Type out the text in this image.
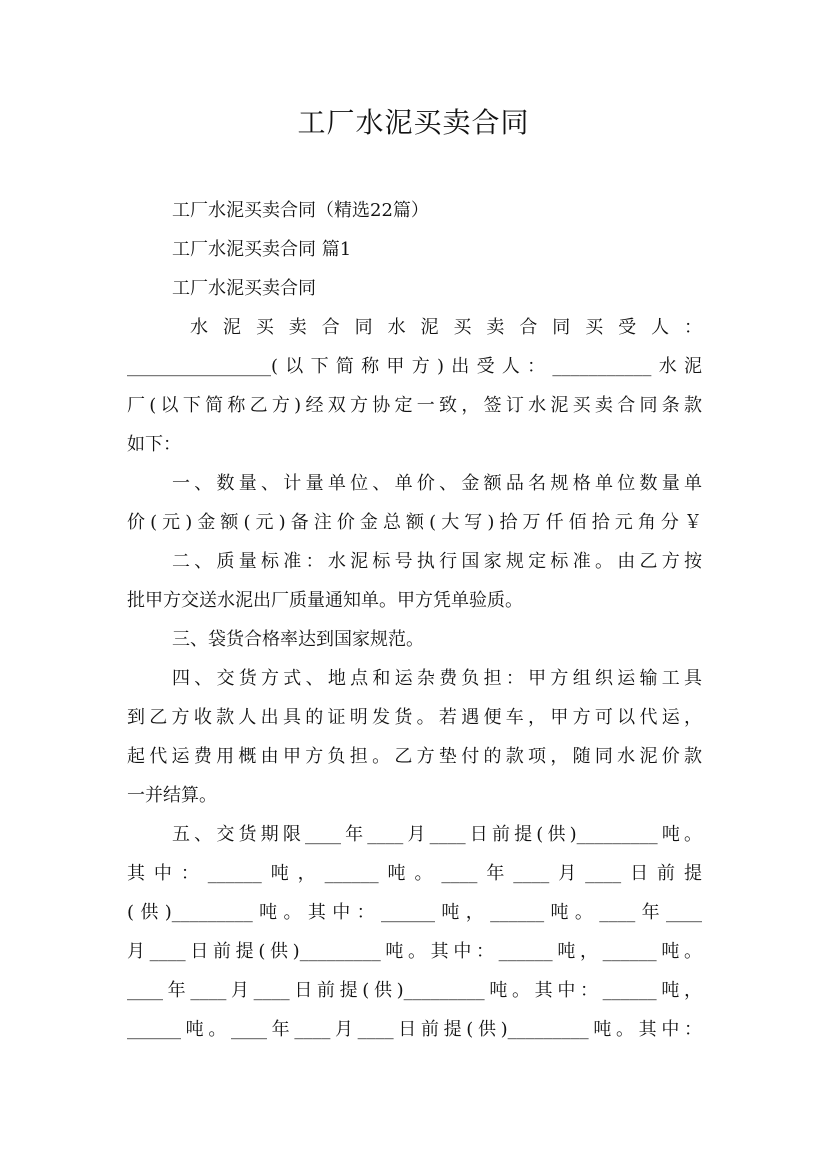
工厂水泥买卖合同
工厂水泥买卖合同（精选22篇）
工厂水泥买卖合同 篇1
工厂水泥买卖合同
水 泥 买 卖 合 同 水 泥 买 卖 合 同 买 受 人 ：
________________(以下简称甲方)出受人：___________水泥
厂(以下简称乙方)经双方协定一致，签订水泥买卖合同条款
如下：
一、数量、计量单位、单价、金额品名规格单位数量单
价(元)金额(元)备注价金总额(大写)拾万仟佰拾元角分￥
二、质量标准：水泥标号执行国家规定标准。由乙方按
批甲方交送水泥出厂质量通知单。甲方凭单验质。
三、袋货合格率达到国家规范。
四、交货方式、地点和运杂费负担：甲方组织运输工具
到乙方收款人出具的证明发货。若遇便车，甲方可以代运，
起代运费用概由甲方负担。乙方垫付的款项，随同水泥价款
一并结算。
五、交货期限____年____月____日前提(供)_________吨。
其中：______吨，______吨。____年____月____日前提
(供)_________吨。其中：______吨，______吨。____年____
月____日前提(供)_________吨。其中：______吨，______吨。
____年____月____日前提(供)_________吨。其中：______吨，
______吨。____年____月____日前提(供)_________吨。其中：
